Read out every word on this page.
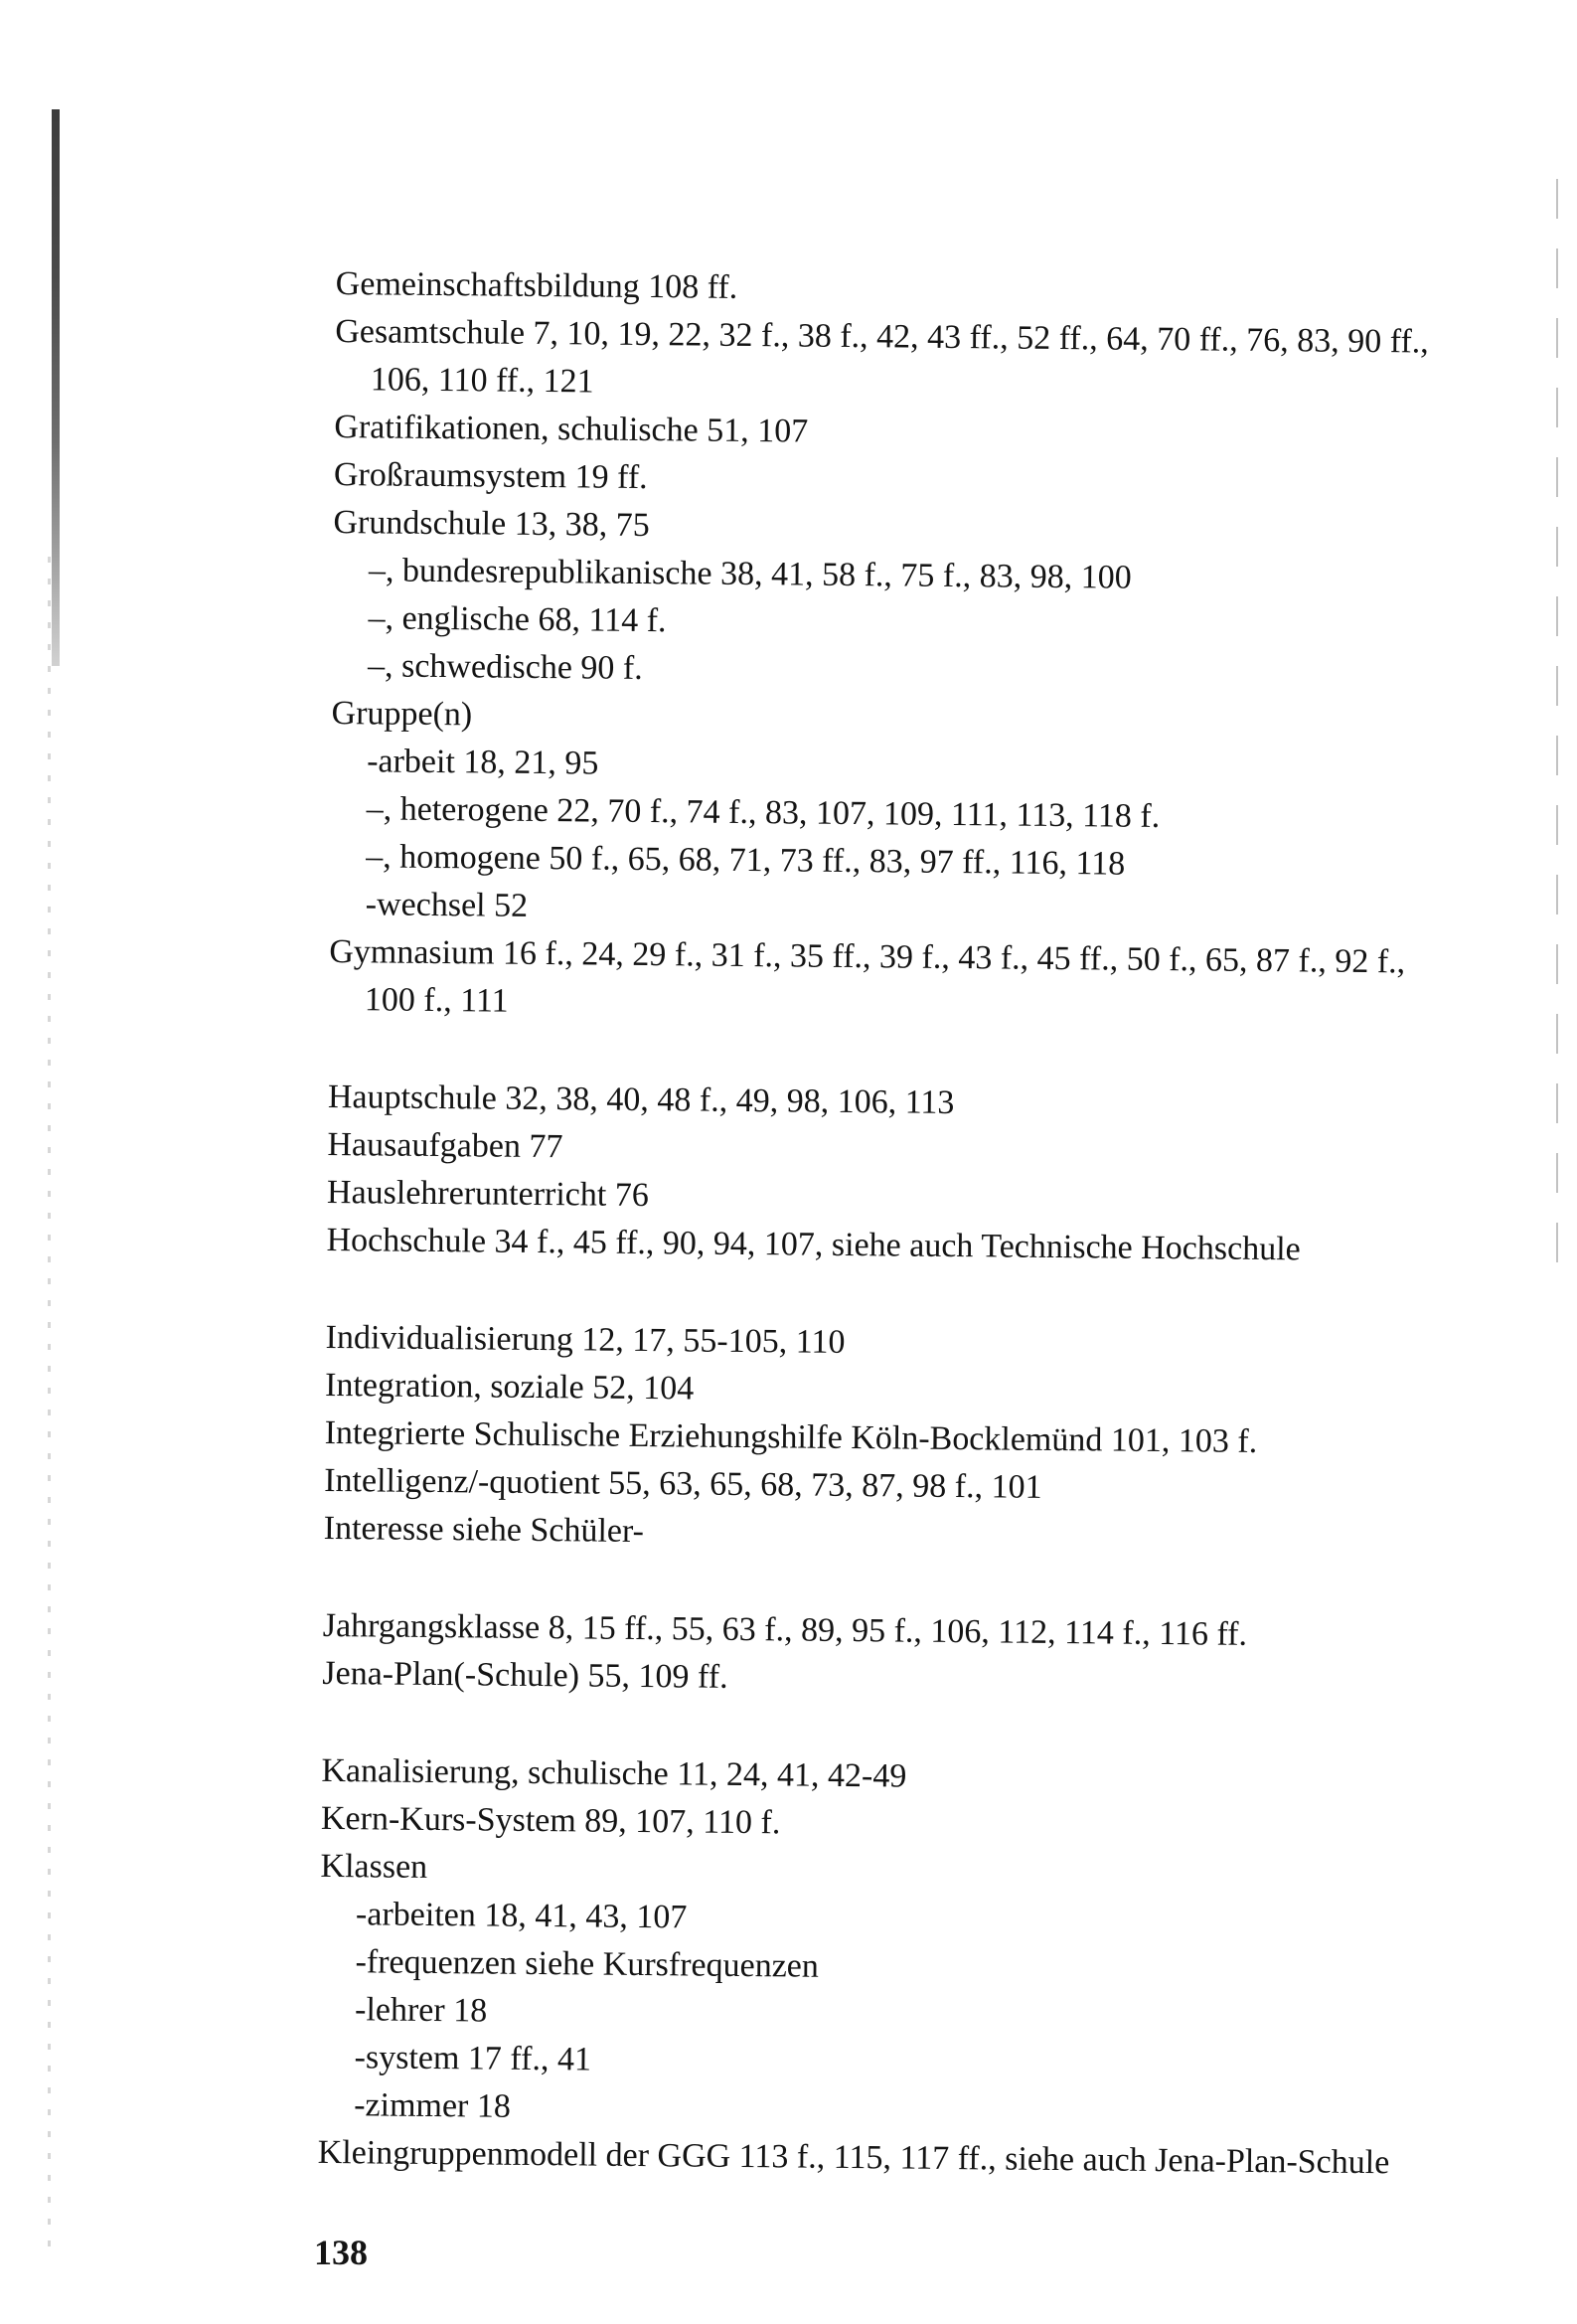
Gemeinschaftsbildung 108 ff.

Gesamtschule 7, 10, 19, 22, 32 f., 38 f., 42, 43 ff., 52 ff., 64, 70 ff., 76, 83, 90 ff., 106, 110 ff., 121

Gratifikationen, schulische 51, 107

Großraumsystem 19 ff.

Grundschule 13, 38, 75

–, bundesrepublikanische 38, 41, 58 f., 75 f., 83, 98, 100

–, englische 68, 114 f.

–, schwedische 90 f.

Gruppe(n)

-arbeit 18, 21, 95

–, heterogene 22, 70 f., 74 f., 83, 107, 109, 111, 113, 118 f.

–, homogene 50 f., 65, 68, 71, 73 ff., 83, 97 ff., 116, 118

-wechsel 52

Gymnasium 16 f., 24, 29 f., 31 f., 35 ff., 39 f., 43 f., 45 ff., 50 f., 65, 87 f., 92 f., 100 f., 111

Hauptschule 32, 38, 40, 48 f., 49, 98, 106, 113

Hausaufgaben 77

Hauslehrerunterricht 76

Hochschule 34 f., 45 ff., 90, 94, 107, siehe auch Technische Hochschule

Individualisierung 12, 17, 55-105, 110

Integration, soziale 52, 104

Integrierte Schulische Erziehungshilfe Köln-Bocklemünd 101, 103 f.

Intelligenz/-quotient 55, 63, 65, 68, 73, 87, 98 f., 101

Interesse siehe Schüler-

Jahrgangsklasse 8, 15 ff., 55, 63 f., 89, 95 f., 106, 112, 114 f., 116 ff.

Jena-Plan(-Schule) 55, 109 ff.

Kanalisierung, schulische 11, 24, 41, 42-49

Kern-Kurs-System 89, 107, 110 f.

Klassen

-arbeiten 18, 41, 43, 107

-frequenzen siehe Kursfrequenzen

-lehrer 18

-system 17 ff., 41

-zimmer 18

Kleingruppenmodell der GGG 113 f., 115, 117 ff., siehe auch Jena-Plan-Schule

138
